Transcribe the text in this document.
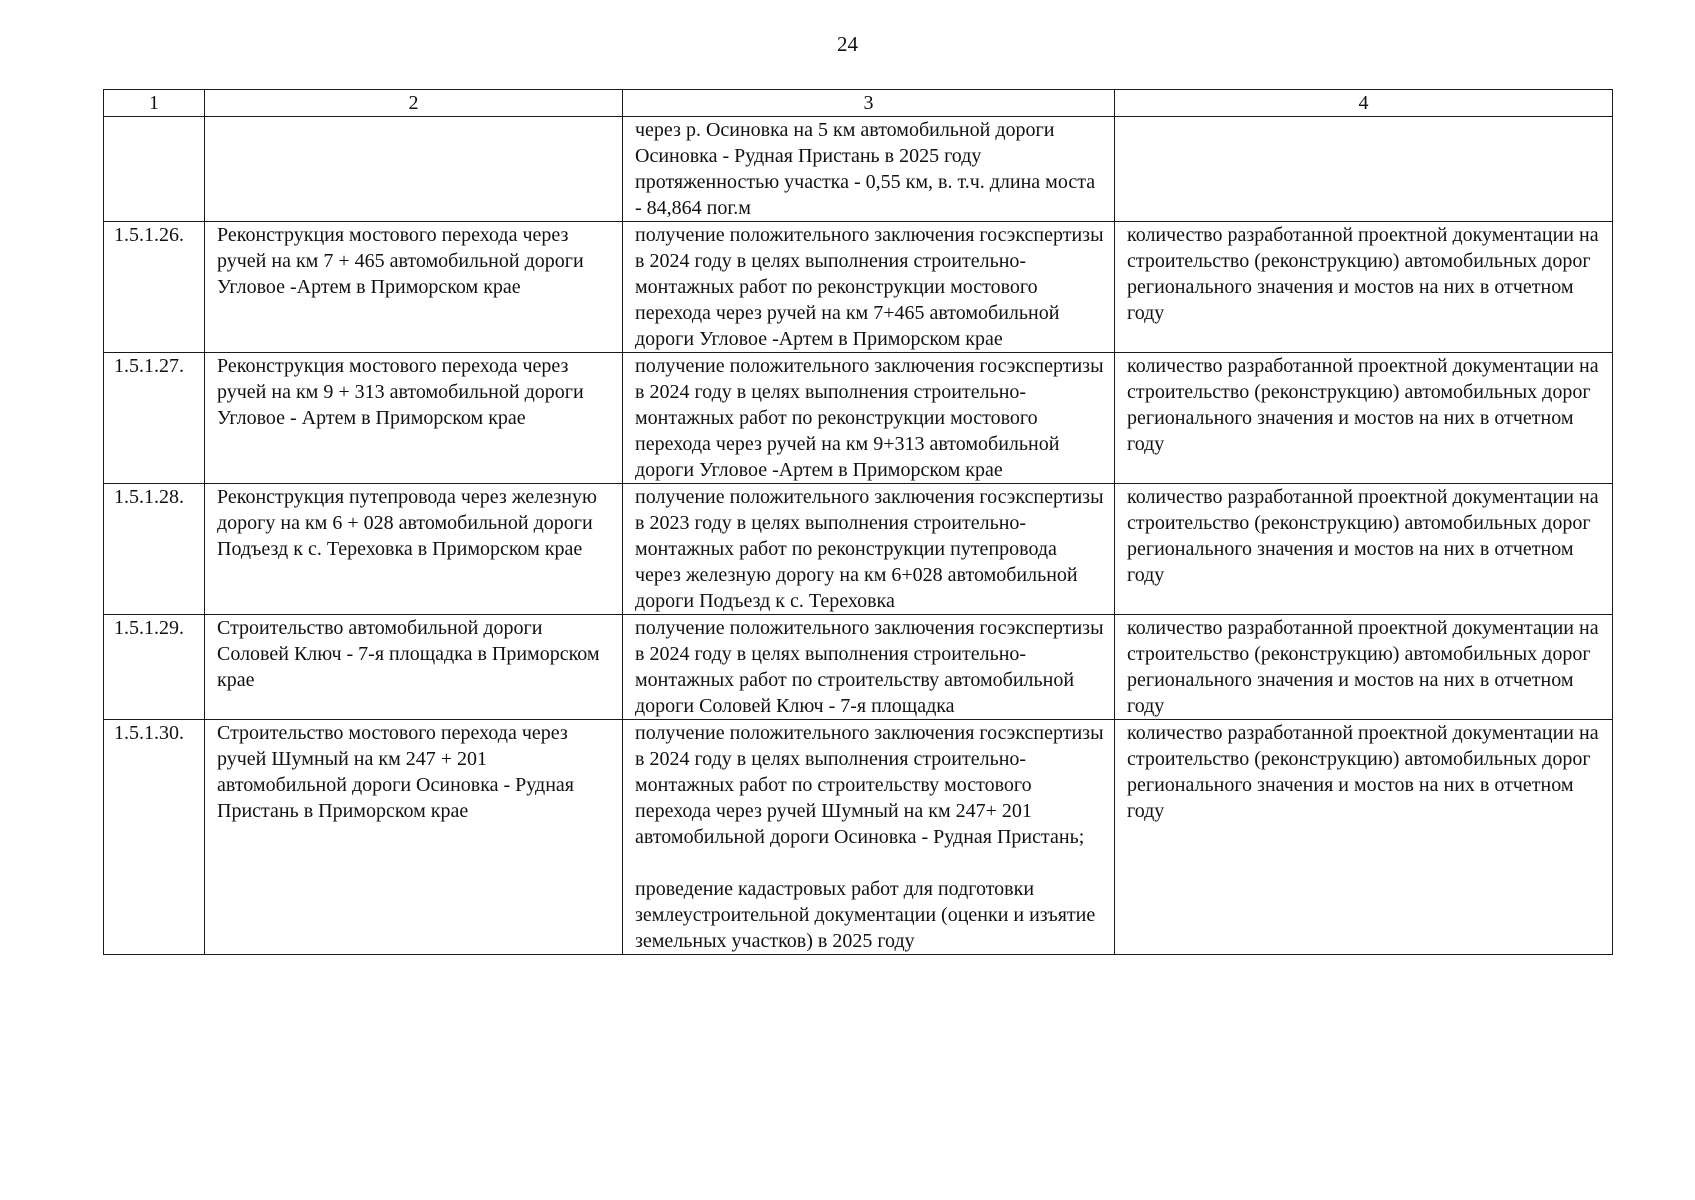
24
1	2	3	4
		через р. Осиновка на 5 км автомобильной дороги Осиновка - Рудная Пристань в 2025 году протяженностью участка - 0,55 км, в. т.ч. длина моста - 84,864 пог.м	
1.5.1.26.	Реконструкция мостового перехода через ручей на км 7 + 465 автомобильной дороги Угловое -Артем в Приморском крае	получение положительного заключения госэкспертизы в 2024 году в целях выполнения строительно-монтажных работ по реконструкции мостового перехода через ручей на км 7+465 автомобильной дороги Угловое -Артем в Приморском крае	количество разработанной проектной документации на строительство (реконструкцию) автомобильных дорог регионального значения и мостов на них в отчетном году
1.5.1.27.	Реконструкция мостового перехода через ручей на км 9 + 313 автомобильной дороги Угловое - Артем в Приморском крае	получение положительного заключения госэкспертизы в 2024 году в целях выполнения строительно-монтажных работ по реконструкции мостового перехода через ручей на км 9+313 автомобильной дороги Угловое -Артем в Приморском крае	количество разработанной проектной документации на строительство (реконструкцию) автомобильных дорог регионального значения и мостов на них в отчетном году
1.5.1.28.	Реконструкция путепровода через железную дорогу на км 6 + 028 автомобильной дороги Подъезд к с. Тереховка в Приморском крае	получение положительного заключения госэкспертизы в 2023 году в целях выполнения строительно-монтажных работ по реконструкции путепровода через железную дорогу на км 6+028 автомобильной дороги Подъезд к с. Тереховка	количество разработанной проектной документации на строительство (реконструкцию) автомобильных дорог регионального значения и мостов на них в отчетном году
1.5.1.29.	Строительство автомобильной дороги Соловей Ключ - 7-я площадка в Приморском крае	получение положительного заключения госэкспертизы в 2024 году в целях выполнения строительно-монтажных работ по строительству автомобильной дороги Соловей Ключ - 7-я площадка	количество разработанной проектной документации на строительство (реконструкцию) автомобильных дорог регионального значения и мостов на них в отчетном году
1.5.1.30.	Строительство мостового перехода через ручей Шумный на км 247 + 201 автомобильной дороги Осиновка - Рудная Пристань в Приморском крае	получение положительного заключения госэкспертизы в 2024 году в целях выполнения строительно-монтажных работ по строительству мостового перехода через ручей Шумный на км 247+ 201 автомобильной дороги Осиновка - Рудная Пристань;
проведение кадастровых работ для подготовки землеустроительной документации (оценки и изъятие земельных участков) в 2025 году	количество разработанной проектной документации на строительство (реконструкцию) автомобильных дорог регионального значения и мостов на них в отчетном году
